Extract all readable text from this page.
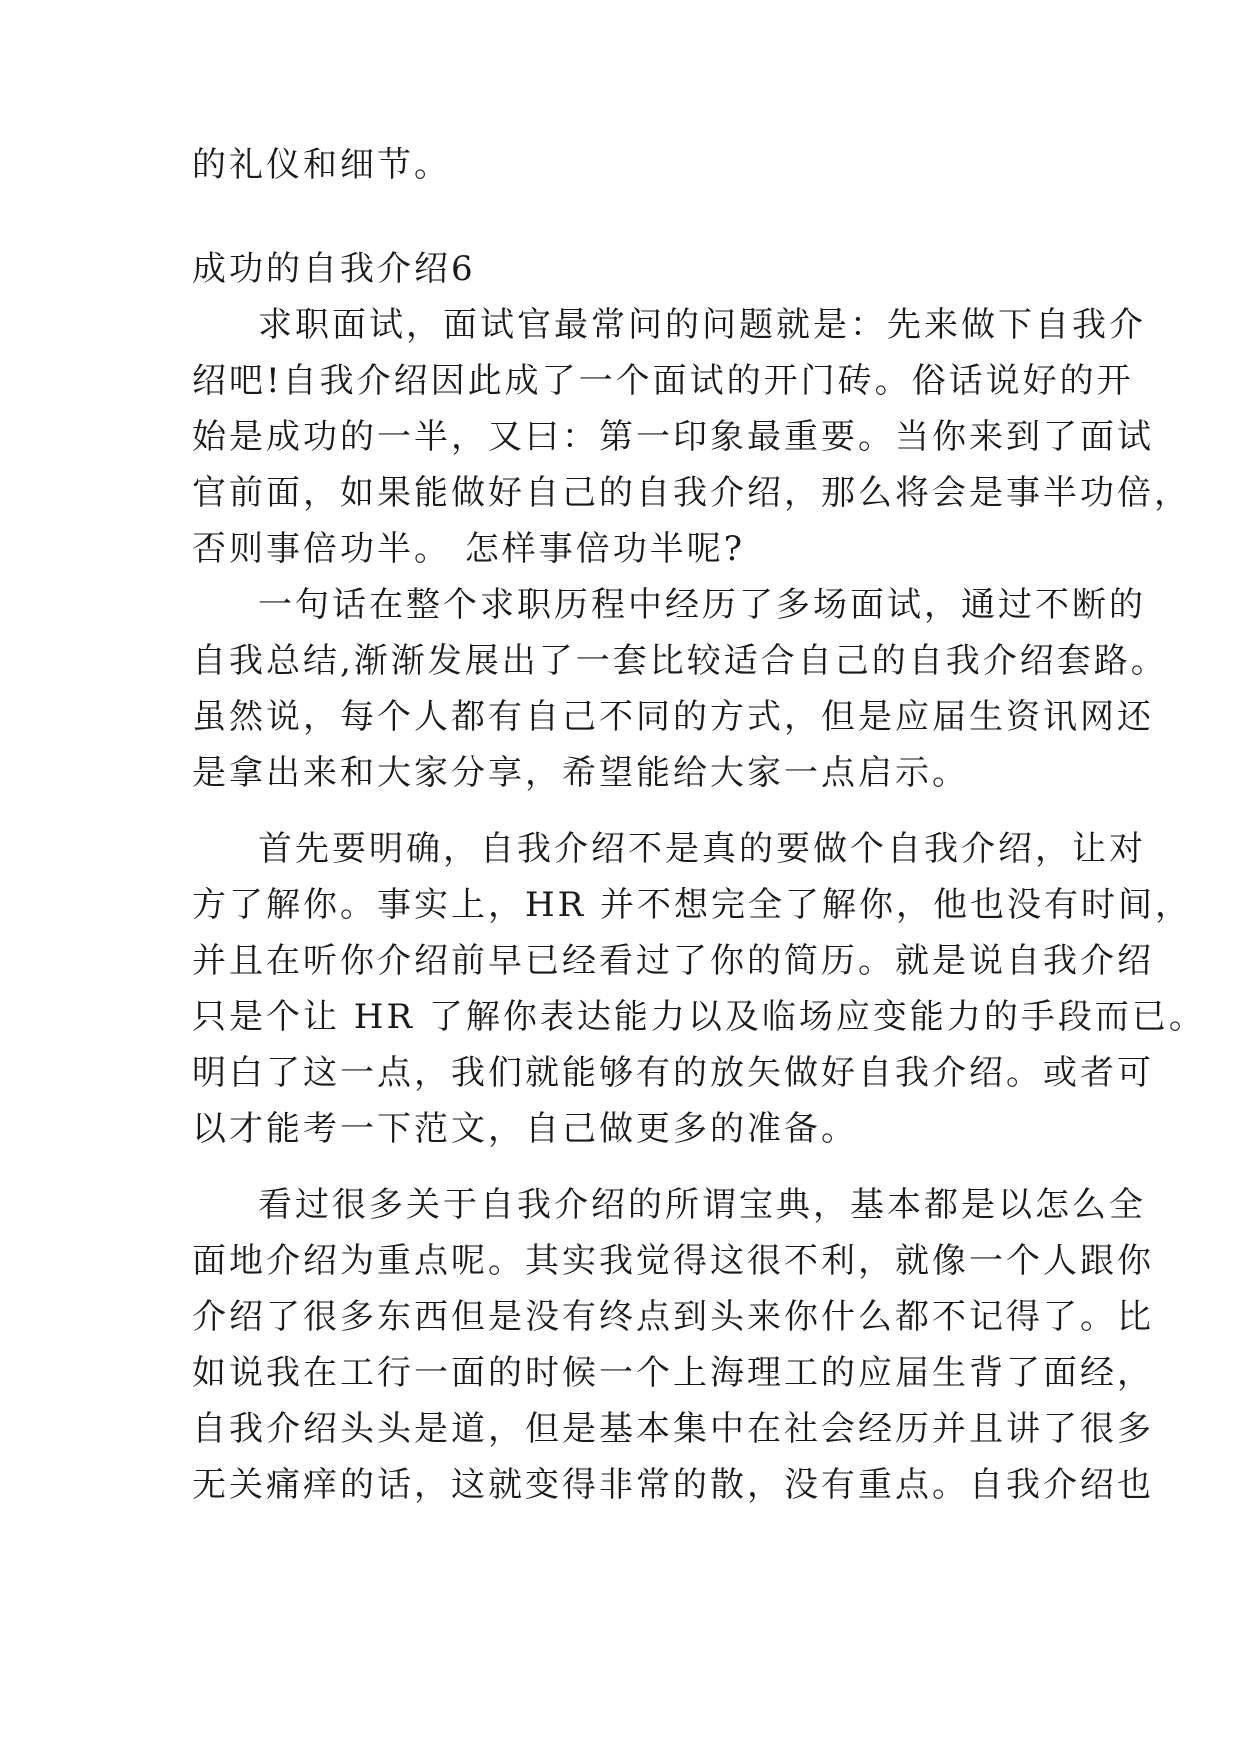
的礼仪和细节。
成功的自我介绍6
求职面试，面试官最常问的问题就是：先来做下自我介
绍吧!自我介绍因此成了一个面试的开门砖。俗话说好的开
始是成功的一半，又曰：第一印象最重要。当你来到了面试
官前面，如果能做好自己的自我介绍，那么将会是事半功倍，
否则事倍功半。 怎样事倍功半呢?
一句话在整个求职历程中经历了多场面试，通过不断的
自我总结,渐渐发展出了一套比较适合自己的自我介绍套路。
虽然说，每个人都有自己不同的方式，但是应届生资讯网还
是拿出来和大家分享，希望能给大家一点启示。
首先要明确，自我介绍不是真的要做个自我介绍，让对
方了解你。事实上，HR 并不想完全了解你，他也没有时间，
并且在听你介绍前早已经看过了你的简历。就是说自我介绍
只是个让 HR 了解你表达能力以及临场应变能力的手段而已。
明白了这一点，我们就能够有的放矢做好自我介绍。或者可
以才能考一下范文，自己做更多的准备。
看过很多关于自我介绍的所谓宝典，基本都是以怎么全
面地介绍为重点呢。其实我觉得这很不利，就像一个人跟你
介绍了很多东西但是没有终点到头来你什么都不记得了。比
如说我在工行一面的时候一个上海理工的应届生背了面经，
自我介绍头头是道，但是基本集中在社会经历并且讲了很多
无关痛痒的话，这就变得非常的散，没有重点。自我介绍也
